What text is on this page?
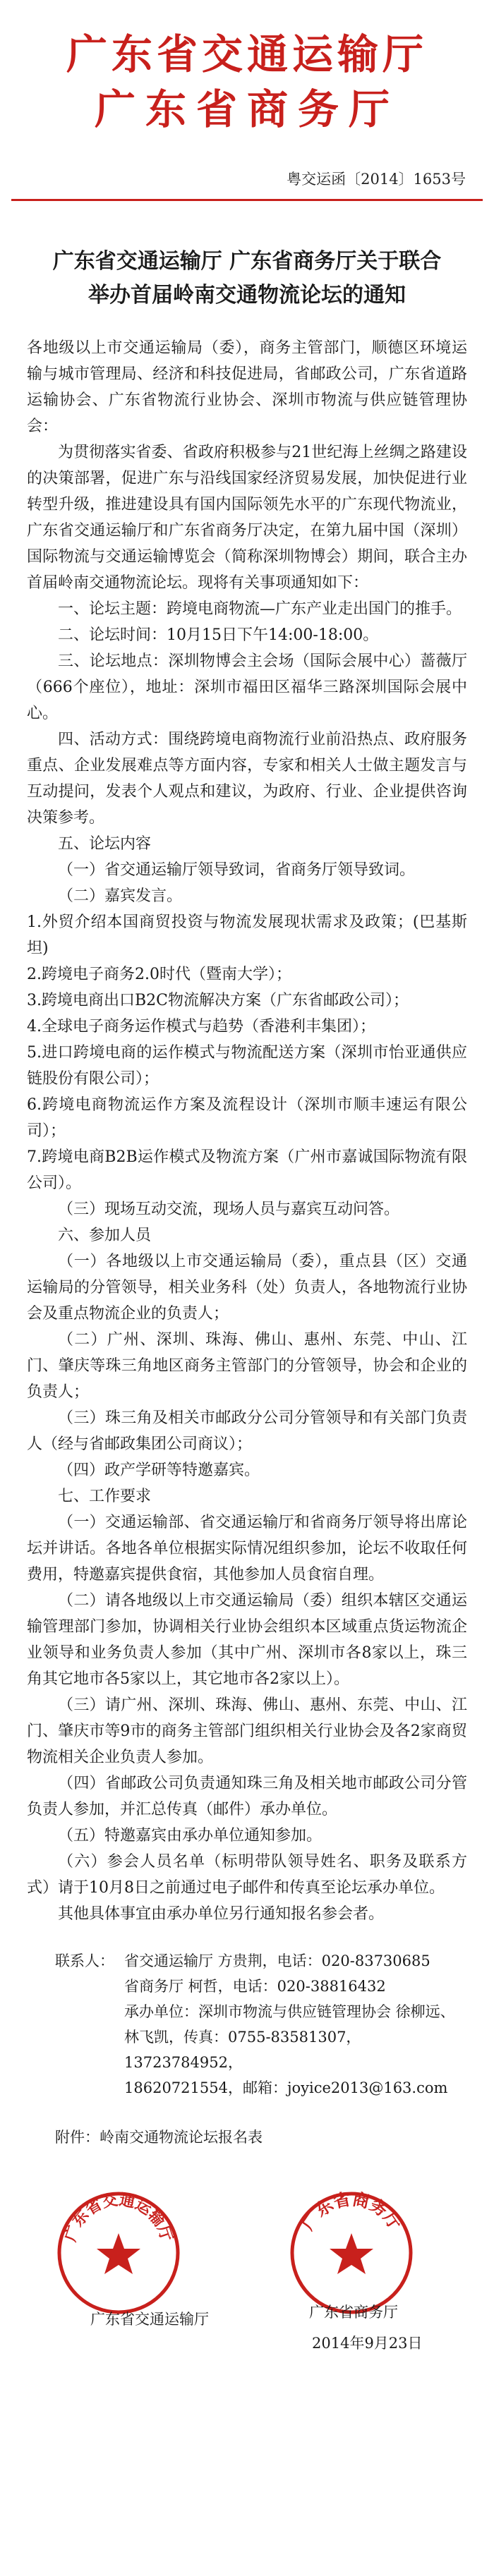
广东省交通运输厅
广东省商务厅
粤交运函〔2014〕1653号
广东省交通运输厅 广东省商务厅关于联合
举办首届岭南交通物流论坛的通知

各地级以上市交通运输局（委），商务主管部门，顺德区环境运输与城市管理局、经济和科技促进局，省邮政公司，广东省道路运输协会、广东省物流行业协会、深圳市物流与供应链管理协会：

为贯彻落实省委、省政府积极参与21世纪海上丝绸之路建设的决策部署，促进广东与沿线国家经济贸易发展，加快促进行业转型升级，推进建设具有国内国际领先水平的广东现代物流业，广东省交通运输厅和广东省商务厅决定，在第九届中国（深圳）国际物流与交通运输博览会（简称深圳物博会）期间，联合主办首届岭南交通物流论坛。现将有关事项通知如下：

一、论坛主题：跨境电商物流—广东产业走出国门的推手。

二、论坛时间：10月15日下午14:00-18:00。

三、论坛地点：深圳物博会主会场（国际会展中心）蔷薇厅（666个座位），地址：深圳市福田区福华三路深圳国际会展中心。

四、活动方式：围绕跨境电商物流行业前沿热点、政府服务重点、企业发展难点等方面内容，专家和相关人士做主题发言与互动提问，发表个人观点和建议，为政府、行业、企业提供咨询决策参考。

五、论坛内容

（一）省交通运输厅领导致词，省商务厅领导致词。

（二）嘉宾发言。

1.外贸介绍本国商贸投资与物流发展现状需求及政策；(巴基斯坦)

2.跨境电子商务2.0时代（暨南大学）；

3.跨境电商出口B2C物流解决方案（广东省邮政公司）；

4.全球电子商务运作模式与趋势（香港利丰集团）；

5.进口跨境电商的运作模式与物流配送方案（深圳市怡亚通供应链股份有限公司）；

6.跨境电商物流运作方案及流程设计（深圳市顺丰速运有限公司）；

7.跨境电商B2B运作模式及物流方案（广州市嘉诚国际物流有限公司）。

（三）现场互动交流，现场人员与嘉宾互动问答。

六、参加人员

（一）各地级以上市交通运输局（委），重点县（区）交通运输局的分管领导，相关业务科（处）负责人，各地物流行业协会及重点物流企业的负责人；

（二）广州、深圳、珠海、佛山、惠州、东莞、中山、江门、肇庆等珠三角地区商务主管部门的分管领导，协会和企业的负责人；

（三）珠三角及相关市邮政分公司分管领导和有关部门负责人（经与省邮政集团公司商议）；

（四）政产学研等特邀嘉宾。

七、工作要求

（一）交通运输部、省交通运输厅和省商务厅领导将出席论坛并讲话。各地各单位根据实际情况组织参加，论坛不收取任何费用，特邀嘉宾提供食宿，其他参加人员食宿自理。

（二）请各地级以上市交通运输局（委）组织本辖区交通运输管理部门参加，协调相关行业协会组织本区域重点货运物流企业领导和业务负责人参加（其中广州、深圳市各8家以上，珠三角其它地市各5家以上，其它地市各2家以上）。

（三）请广州、深圳、珠海、佛山、惠州、东莞、中山、江门、肇庆市等9市的商务主管部门组织相关行业协会及各2家商贸物流相关企业负责人参加。

（四）省邮政公司负责通知珠三角及相关地市邮政公司分管负责人参加，并汇总传真（邮件）承办单位。

（五）特邀嘉宾由承办单位通知参加。

（六）参会人员名单（标明带队领导姓名、职务及联系方式）请于10月8日之前通过电子邮件和传真至论坛承办单位。

其他具体事宜由承办单位另行通知报名参会者。

联系人： 省交通运输厅 方贵荆，电话：020-83730685
省商务厅 柯哲，电话：020-38816432
承办单位：深圳市物流与供应链管理协会 徐柳远、
林飞凯，传真：0755-83581307，13723784952，
18620721554，邮箱：joyice2013@163.com
附件：岭南交通物流论坛报名表
广东省交通运输厅	广东省商务厅
广东省交通运输厅	广东省商务厅
2014年9月23日
